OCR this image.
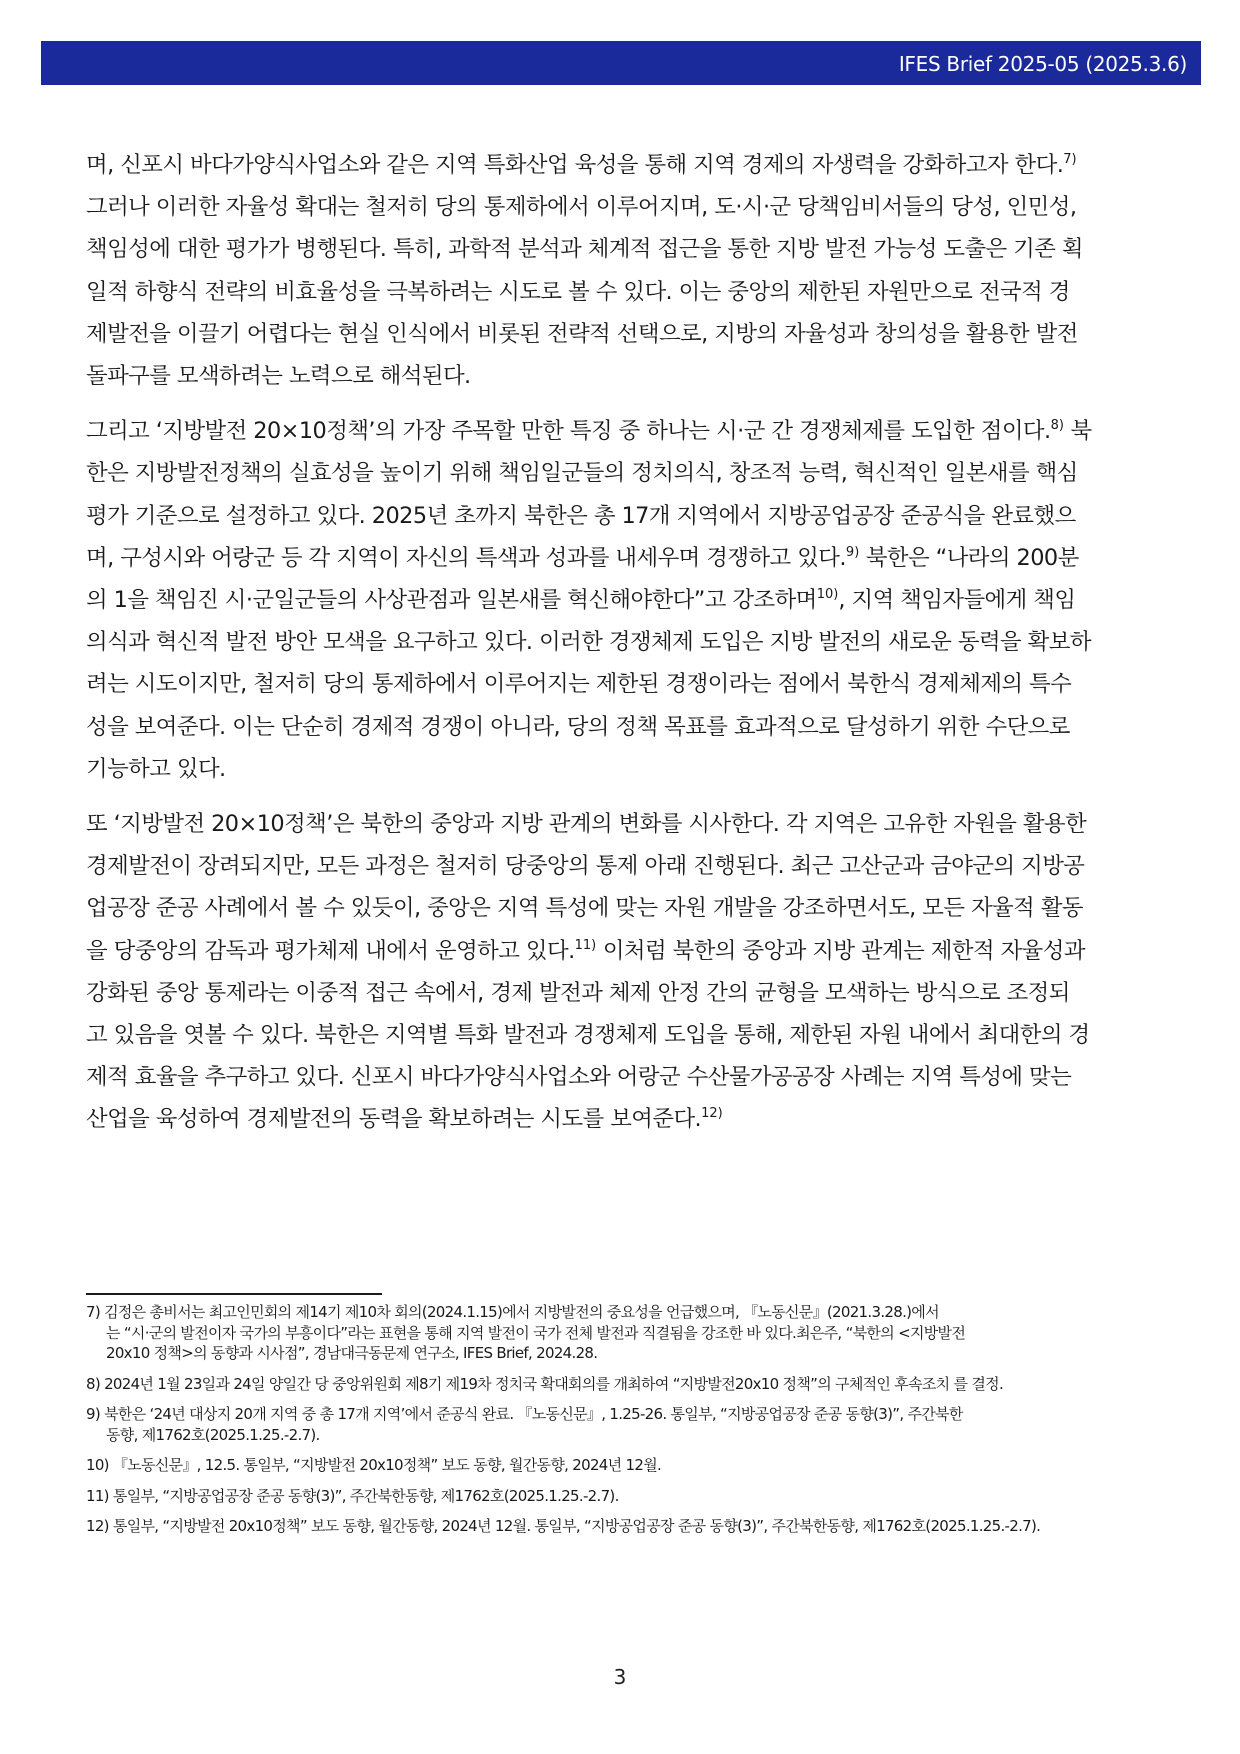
IFES Brief 2025-05 (2025.3.6)
며, 신포시 바다가양식사업소와 같은 지역 특화산업 육성을 통해 지역 경제의 자생력을 강화하고자 한다.$^{7)}$
그러나 이러한 자율성 확대는 철저히 당의 통제하에서 이루어지며, 도·시·군 당책임비서들의 당성, 인민성,
책임성에 대한 평가가 병행된다. 특히, 과학적 분석과 체계적 접근을 통한 지방 발전 가능성 도출은 기존 획
일적 하향식 전략의 비효율성을 극복하려는 시도로 볼 수 있다. 이는 중앙의 제한된 자원만으로 전국적 경
제발전을 이끌기 어렵다는 현실 인식에서 비롯된 전략적 선택으로, 지방의 자율성과 창의성을 활용한 발전
돌파구를 모색하려는 노력으로 해석된다.
그리고 ‘지방발전 20×10정책’의 가장 주목할 만한 특징 중 하나는 시·군 간 경쟁체제를 도입한 점이다.$^{8)}$ 북
한은 지방발전정책의 실효성을 높이기 위해 책임일군들의 정치의식, 창조적 능력, 혁신적인 일본새를 핵심
평가 기준으로 설정하고 있다. 2025년 초까지 북한은 총 17개 지역에서 지방공업공장 준공식을 완료했으
며, 구성시와 어랑군 등 각 지역이 자신의 특색과 성과를 내세우며 경쟁하고 있다.$^{9)}$ 북한은 “나라의 200분
의 1을 책임진 시·군일군들의 사상관점과 일본새를 혁신해야한다”고 강조하며$^{10)}$, 지역 책임자들에게 책임
의식과 혁신적 발전 방안 모색을 요구하고 있다. 이러한 경쟁체제 도입은 지방 발전의 새로운 동력을 확보하
려는 시도이지만, 철저히 당의 통제하에서 이루어지는 제한된 경쟁이라는 점에서 북한식 경제체제의 특수
성을 보여준다. 이는 단순히 경제적 경쟁이 아니라, 당의 정책 목표를 효과적으로 달성하기 위한 수단으로
기능하고 있다.
또 ‘지방발전 20×10정책’은 북한의 중앙과 지방 관계의 변화를 시사한다. 각 지역은 고유한 자원을 활용한
경제발전이 장려되지만, 모든 과정은 철저히 당중앙의 통제 아래 진행된다. 최근 고산군과 금야군의 지방공
업공장 준공 사례에서 볼 수 있듯이, 중앙은 지역 특성에 맞는 자원 개발을 강조하면서도, 모든 자율적 활동
을 당중앙의 감독과 평가체제 내에서 운영하고 있다.$^{11)}$ 이처럼 북한의 중앙과 지방 관계는 제한적 자율성과
강화된 중앙 통제라는 이중적 접근 속에서, 경제 발전과 체제 안정 간의 균형을 모색하는 방식으로 조정되
고 있음을 엿볼 수 있다. 북한은 지역별 특화 발전과 경쟁체제 도입을 통해, 제한된 자원 내에서 최대한의 경
제적 효율을 추구하고 있다. 신포시 바다가양식사업소와 어랑군 수산물가공공장 사례는 지역 특성에 맞는
산업을 육성하여 경제발전의 동력을 확보하려는 시도를 보여준다.$^{12)}$
7) 김정은 총비서는 최고인민회의 제14기 제10차 회의(2024.1.15)에서 지방발전의 중요성을 언급했으며, 『노동신문』(2021.3.28.)에서
는 “시·군의 발전이자 국가의 부흥이다”라는 표현을 통해 지역 발전이 국가 전체 발전과 직결됨을 강조한 바 있다.최은주, “북한의 <지방발전
20x10 정책>의 동향과 시사점”, 경남대극동문제 연구소, IFES Brief, 2024.28.
8) 2024년 1월 23일과 24일 양일간 당 중앙위원회 제8기 제19차 정치국 확대회의를 개최하여 “지방발전20x10 정책”의 구체적인 후속조치 를 결정.
9) 북한은 ‘24년 대상지 20개 지역 중 총 17개 지역’에서 준공식 완료. 『노동신문』, 1.25-26. 통일부, “지방공업공장 준공 동향(3)”, 주간북한
동향, 제1762호(2025.1.25.-2.7).
10) 『노동신문』, 12.5. 통일부, “지방발전 20x10정책” 보도 동향, 월간동향, 2024년 12월.
11) 통일부, “지방공업공장 준공 동향(3)”, 주간북한동향, 제1762호(2025.1.25.-2.7).
12) 통일부, “지방발전 20x10정책” 보도 동향, 월간동향, 2024년 12월. 통일부, “지방공업공장 준공 동향(3)”, 주간북한동향, 제1762호(2025.1.25.-2.7).
3
